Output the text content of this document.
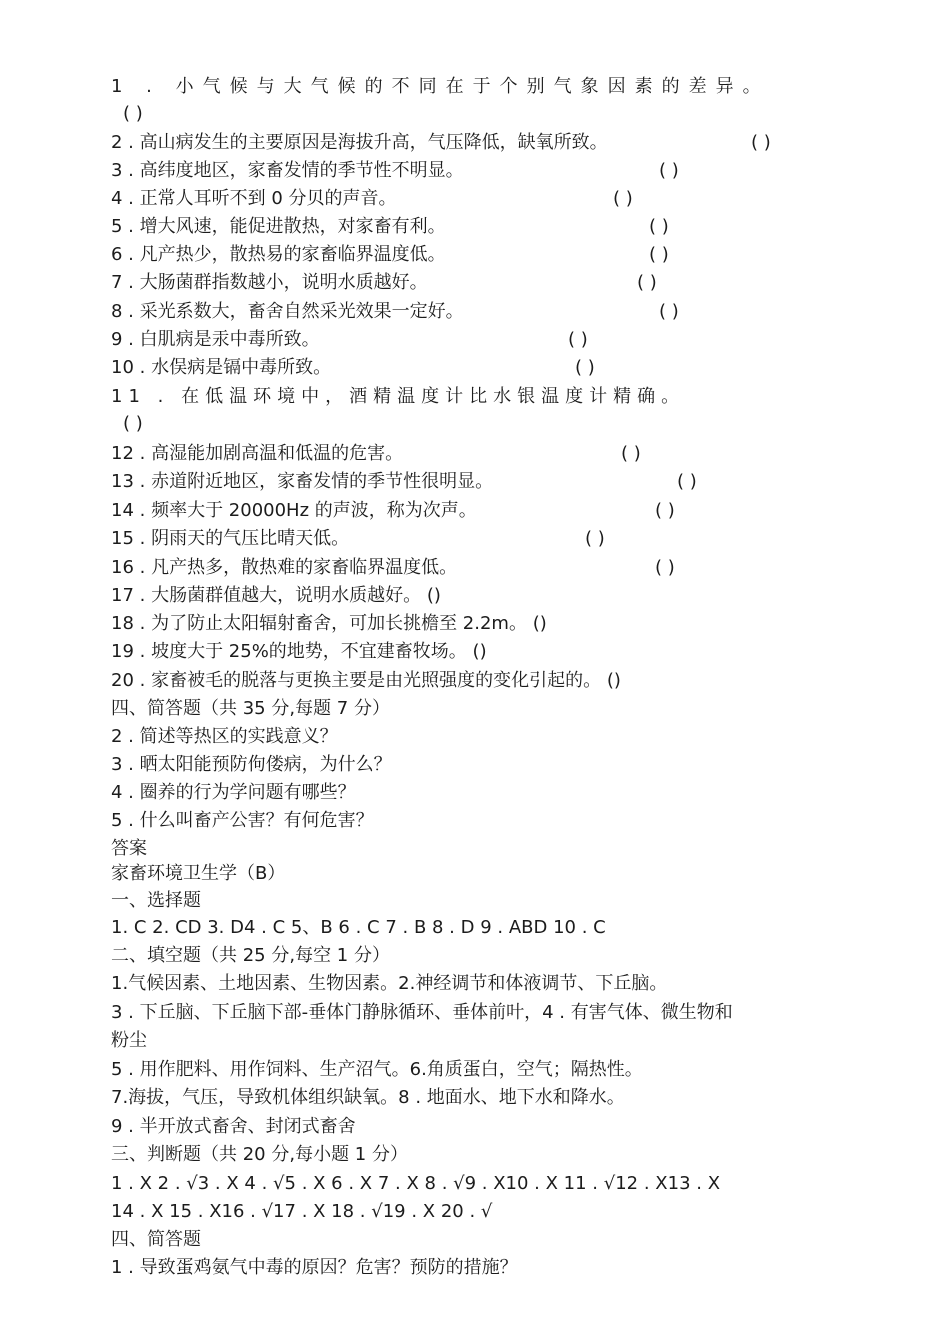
1 . 小气候与大气候的不同在于个别气象因素的差异。
( )
2 . 高山病发生的主要原因是海拔升高，气压降低，缺氧所致。	( )
3 . 高纬度地区，家畜发情的季节性不明显。	( )
4 . 正常人耳听不到 0 分贝的声音。	( )
5 . 增大风速，能促进散热，对家畜有利。	( )
6 . 凡产热少，散热易的家畜临界温度低。	( )
7 . 大肠菌群指数越小，说明水质越好。	( )
8 . 采光系数大，畜舍自然采光效果一定好。	( )
9 . 白肌病是汞中毒所致。	( )
10 . 水俣病是镉中毒所致。	( )
11 . 在低温环境中，酒精温度计比水银温度计精确。
( )
12 . 高湿能加剧高温和低温的危害。	( )
13 . 赤道附近地区，家畜发情的季节性很明显。	( )
14 . 频率大于 20000Hz 的声波，称为次声。	( )
15 . 阴雨天的气压比晴天低。	( )
16 . 凡产热多，散热难的家畜临界温度低。	( )
17 . 大肠菌群值越大，说明水质越好。 ()
18 . 为了防止太阳辐射畜舍，可加长挑檐至 2.2m。 ()
19 . 坡度大于 25%的地势，不宜建畜牧场。 ()
20 . 家畜被毛的脱落与更换主要是由光照强度的变化引起的。 ()
四、简答题（共 35 分,每题 7 分）
2 . 简述等热区的实践意义？
3 . 晒太阳能预防佝偻病，为什么？
4 . 圈养的行为学问题有哪些？
5 . 什么叫畜产公害？有何危害？
答案
家畜环境卫生学（B）
一、选择题
1. C 2. CD 3. D4 . C 5、B 6 . C 7 . B 8 . D 9 . ABD 10 . C
二、填空题（共 25 分,每空 1 分）
1.气候因素、土地因素、生物因素。2.神经调节和体液调节、下丘脑。
3 . 下丘脑、下丘脑下部-垂体门静脉循环、垂体前叶，4 . 有害气体、微生物和
粉尘
5 . 用作肥料、用作饲料、生产沼气。6.角质蛋白，空气；隔热性。
7.海拔，气压，导致机体组织缺氧。8 . 地面水、地下水和降水。
9 . 半开放式畜舍、封闭式畜舍
三、判断题（共 20 分,每小题 1 分）
1 . X 2 . √3 . X 4 . √5 . X 6 . X 7 . X 8 . √9 . X10 . X 11 . √12 . X13 . X
14 . X 15 . X16 . √17 . X 18 . √19 . X 20 . √
四、简答题
1 . 导致蛋鸡氨气中毒的原因？危害？预防的措施？
